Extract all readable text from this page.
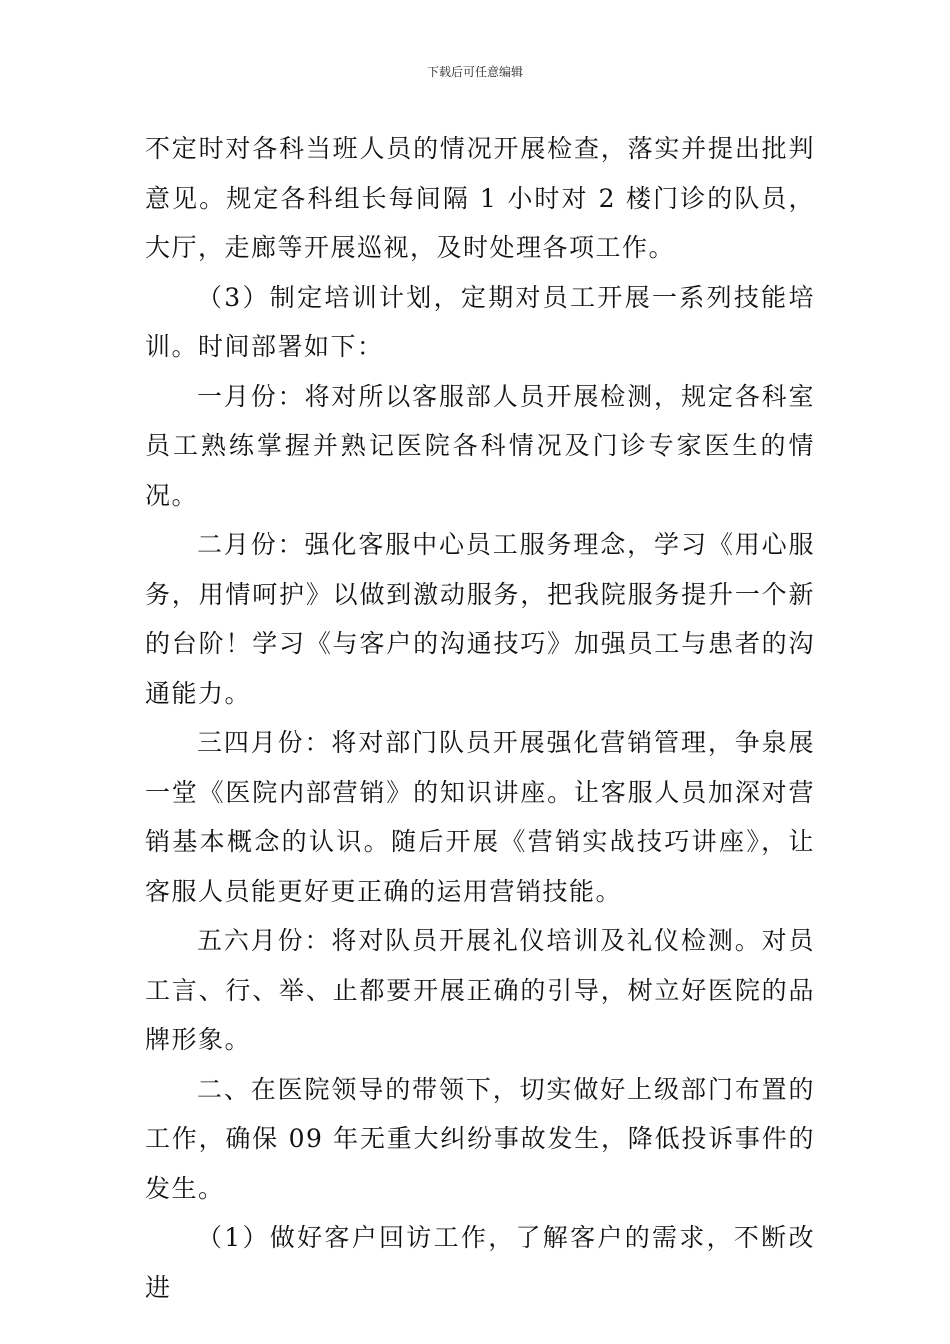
下载后可任意编辑

不定时对各科当班人员的情况开展检查，落实并提出批判意见。规定各科组长每间隔 1 小时对 2 楼门诊的队员，大厅，走廊等开展巡视，及时处理各项工作。

（3）制定培训计划，定期对员工开展一系列技能培训。时间部署如下：

一月份：将对所以客服部人员开展检测，规定各科室员工熟练掌握并熟记医院各科情况及门诊专家医生的情况。

二月份：强化客服中心员工服务理念，学习《用心服务，用情呵护》以做到激动服务，把我院服务提升一个新的台阶！学习《与客户的沟通技巧》加强员工与患者的沟通能力。

三四月份：将对部门队员开展强化营销管理，争泉展一堂《医院内部营销》的知识讲座。让客服人员加深对营销基本概念的认识。随后开展《营销实战技巧讲座》，让客服人员能更好更正确的运用营销技能。

五六月份：将对队员开展礼仪培训及礼仪检测。对员工言、行、举、止都要开展正确的引导，树立好医院的品牌形象。

二、在医院领导的带领下，切实做好上级部门布置的工作，确保 09 年无重大纠纷事故发生，降低投诉事件的发生。

（1）做好客户回访工作，了解客户的需求，不断改进
